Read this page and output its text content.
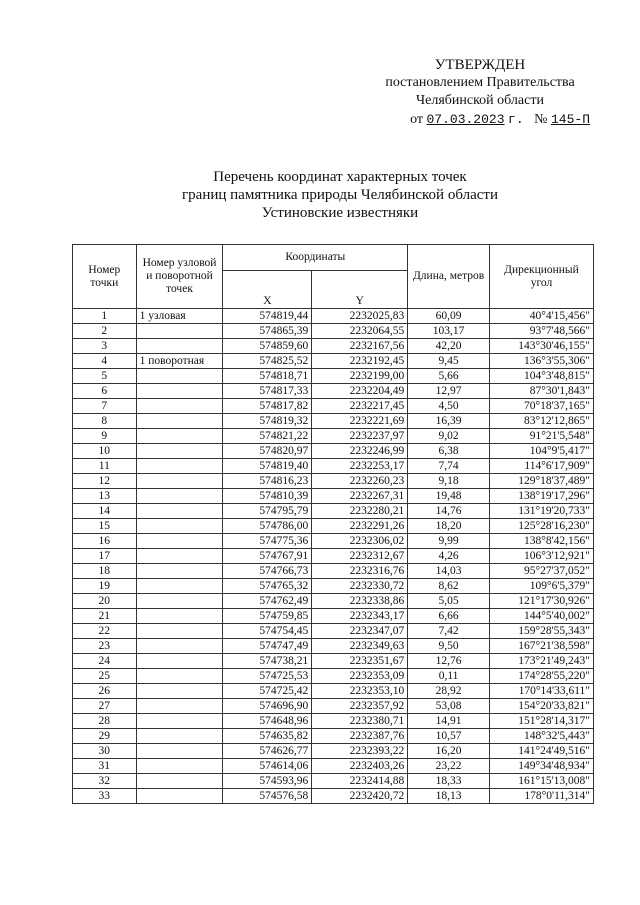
УТВЕРЖДЕН
постановлением Правительства
Челябинской области
от 07.03.2023 г. № 145-П
Перечень координат характерных точек
границ памятника природы Челябинской области
Устиновские известняки
Номер точки	Номер узловой и поворотной точек	Координаты		Длина, метров	Дирекционный угол
		X	Y		
1	1 узловая	574819,44	2232025,83	60,09	40°4'15,456"
2		574865,39	2232064,55	103,17	93°7'48,566"
3		574859,60	2232167,56	42,20	143°30'46,155"
4	1 поворотная	574825,52	2232192,45	9,45	136°3'55,306"
5		574818,71	2232199,00	5,66	104°3'48,815"
6		574817,33	2232204,49	12,97	87°30'1,843"
7		574817,82	2232217,45	4,50	70°18'37,165"
8		574819,32	2232221,69	16,39	83°12'12,865"
9		574821,22	2232237,97	9,02	91°21'5,548"
10		574820,97	2232246,99	6,38	104°9'5,417"
11		574819,40	2232253,17	7,74	114°6'17,909"
12		574816,23	2232260,23	9,18	129°18'37,489"
13		574810,39	2232267,31	19,48	138°19'17,296"
14		574795,79	2232280,21	14,76	131°19'20,733"
15		574786,00	2232291,26	18,20	125°28'16,230"
16		574775,36	2232306,02	9,99	138°8'42,156"
17		574767,91	2232312,67	4,26	106°3'12,921"
18		574766,73	2232316,76	14,03	95°27'37,052"
19		574765,32	2232330,72	8,62	109°6'5,379"
20		574762,49	2232338,86	5,05	121°17'30,926"
21		574759,85	2232343,17	6,66	144°5'40,002"
22		574754,45	2232347,07	7,42	159°28'55,343"
23		574747,49	2232349,63	9,50	167°21'38,598"
24		574738,21	2232351,67	12,76	173°21'49,243"
25		574725,53	2232353,09	0,11	174°28'55,220"
26		574725,42	2232353,10	28,92	170°14'33,611"
27		574696,90	2232357,92	53,08	154°20'33,821"
28		574648,96	2232380,71	14,91	151°28'14,317"
29		574635,82	2232387,76	10,57	148°32'5,443"
30		574626,77	2232393,22	16,20	141°24'49,516"
31		574614,06	2232403,26	23,22	149°34'48,934"
32		574593,96	2232414,88	18,33	161°15'13,008"
33		574576,58	2232420,72	18,13	178°0'11,314"
